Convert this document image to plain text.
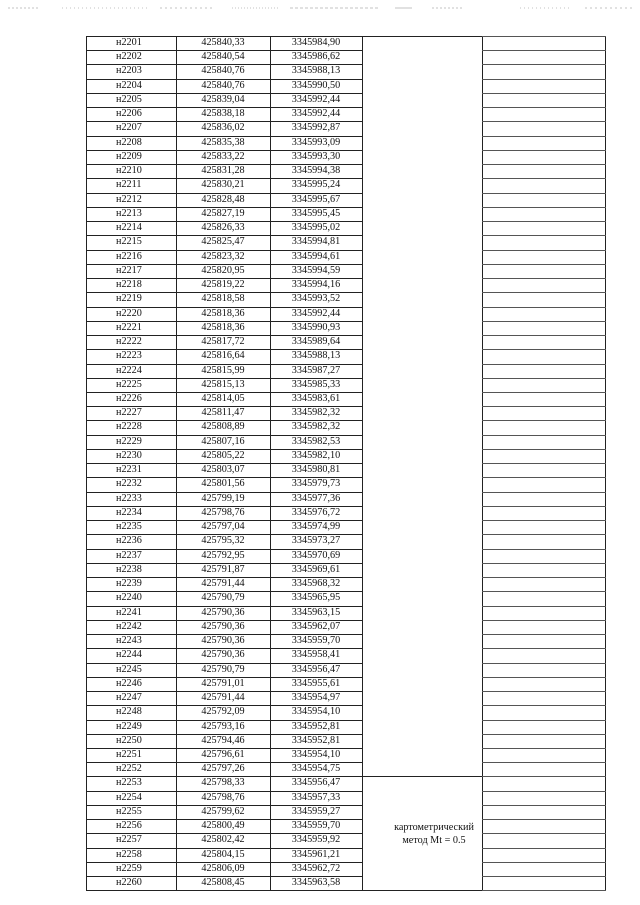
н2201
н2202
н2203
н2204
н2205
н2206
н2207
н2208
н2209
н2210
н2211
н2212
н2213
н2214
н2215
н2216
н2217
н2218
н2219
н2220
н2221
н2222
н2223
н2224
н2225
н2226
н2227
н2228
н2229
н2230
н2231
н2232
н2233
н2234
н2235
н2236
н2237
н2238
н2239
н2240
н2241
н2242
н2243
н2244
н2245
н2246
н2247
н2248
н2249
н2250
н2251
н2252
н2253
н2254
н2255
н2256
н2257
н2258
н2259
н2260
425840,33
425840,54
425840,76
425840,76
425839,04
425838,18
425836,02
425835,38
425833,22
425831,28
425830,21
425828,48
425827,19
425826,33
425825,47
425823,32
425820,95
425819,22
425818,58
425818,36
425818,36
425817,72
425816,64
425815,99
425815,13
425814,05
425811,47
425808,89
425807,16
425805,22
425803,07
425801,56
425799,19
425798,76
425797,04
425795,32
425792,95
425791,87
425791,44
425790,79
425790,36
425790,36
425790,36
425790,36
425790,79
425791,01
425791,44
425792,09
425793,16
425794,46
425796,61
425797,26
425798,33
425798,76
425799,62
425800,49
425802,42
425804,15
425806,09
425808,45
3345984,90
3345986,62
3345988,13
3345990,50
3345992,44
3345992,44
3345992,87
3345993,09
3345993,30
3345994,38
3345995,24
3345995,67
3345995,45
3345995,02
3345994,81
3345994,61
3345994,59
3345994,16
3345993,52
3345992,44
3345990,93
3345989,64
3345988,13
3345987,27
3345985,33
3345983,61
3345982,32
3345982,32
3345982,53
3345982,10
3345980,81
3345979,73
3345977,36
3345976,72
3345974,99
3345973,27
3345970,69
3345969,61
3345968,32
3345965,95
3345963,15
3345962,07
3345959,70
3345958,41
3345956,47
3345955,61
3345954,97
3345954,10
3345952,81
3345952,81
3345954,10
3345954,75
3345956,47
3345957,33
3345959,27
3345959,70
3345959,92
3345961,21
3345962,72
3345963,58
картометрический
метод Mt = 0.5
